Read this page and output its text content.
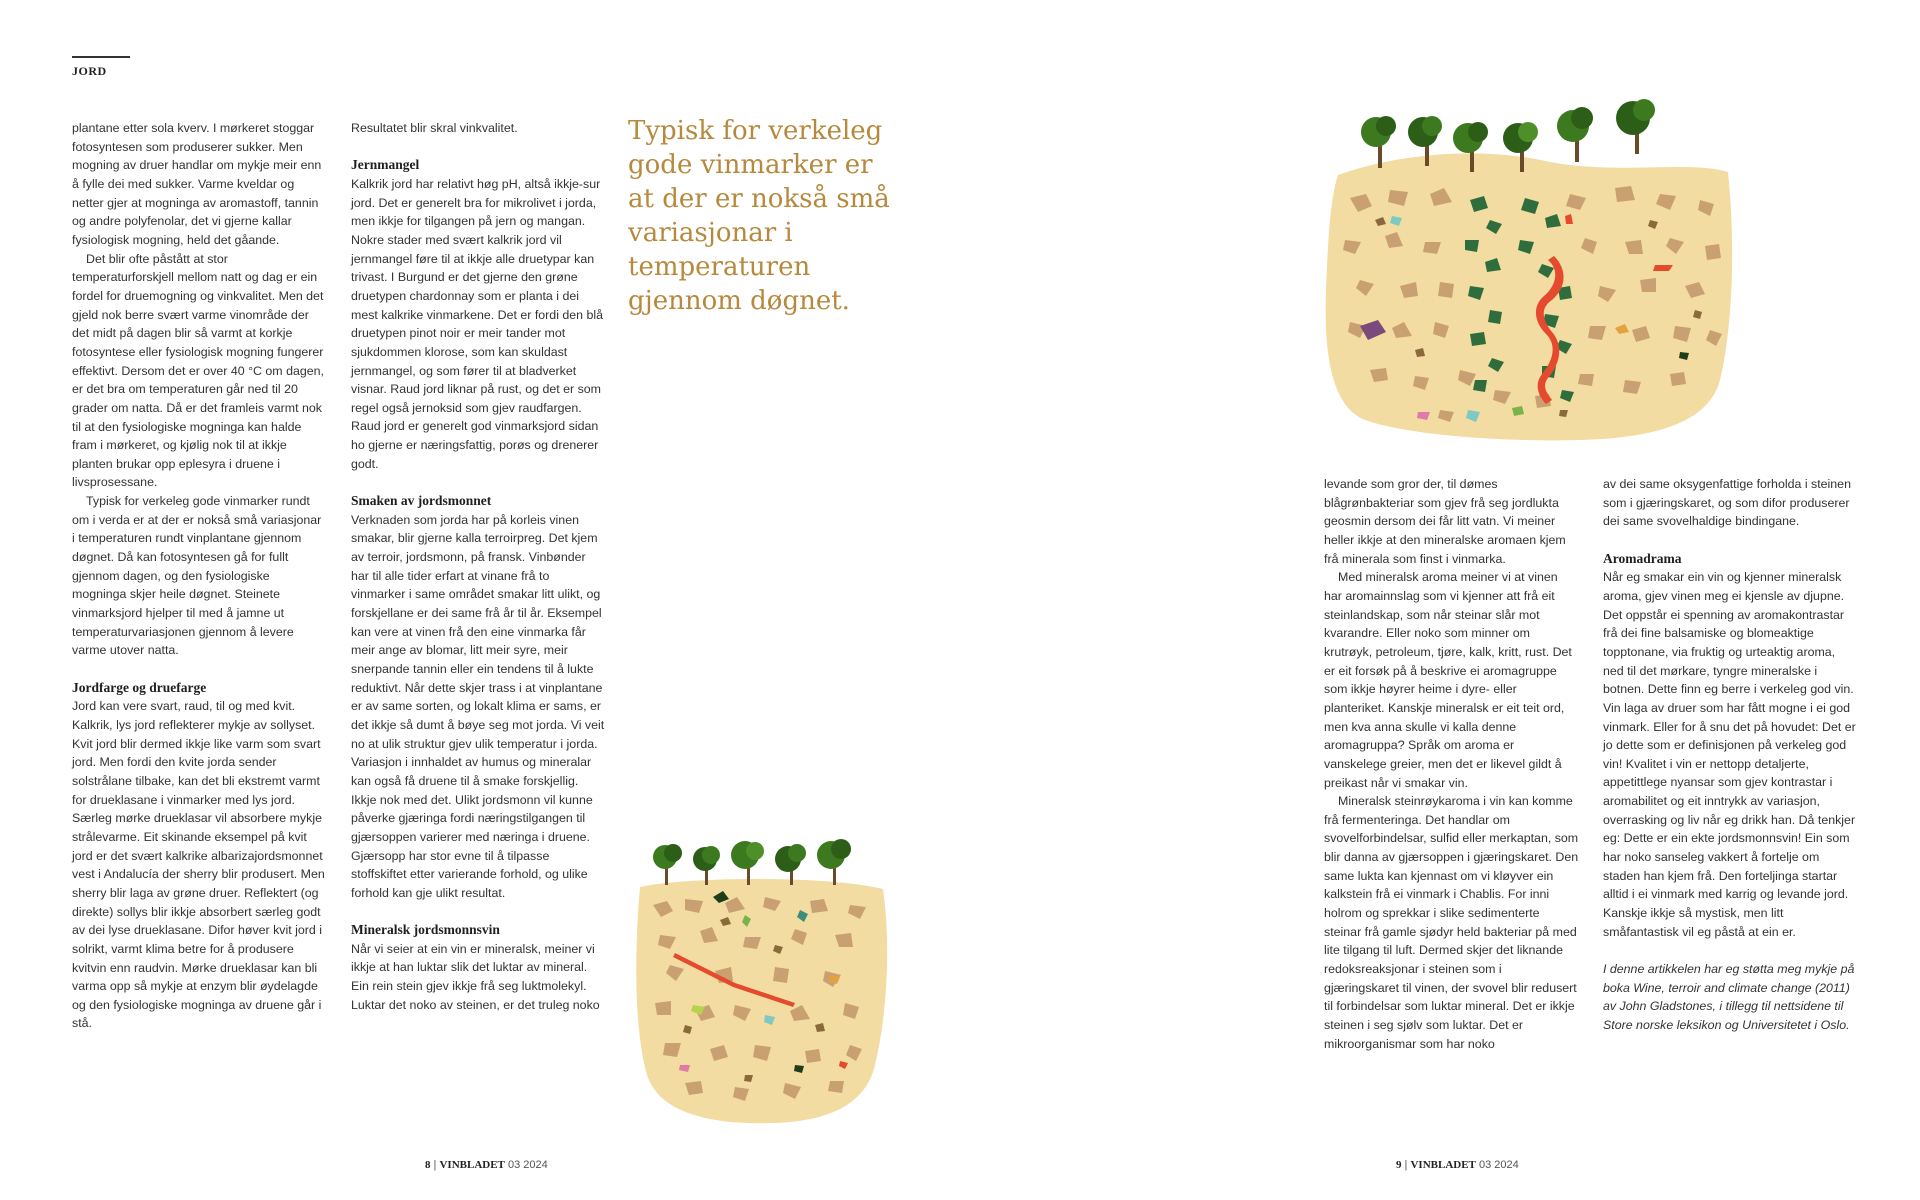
JORD

plantane etter sola kverv. I mørkeret stoggar fotosyntesen som produserer sukker. Men mogning av druer handlar om mykje meir enn å fylle dei med sukker. Varme kveldar og netter gjer at mogninga av aromastoff, tannin og andre polyfenolar, det vi gjerne kallar fysiologisk mogning, held det gåande.

Det blir ofte påstått at stor temperaturforskjell mellom natt og dag er ein fordel for druemogning og vinkvalitet. Men det gjeld nok berre svært varme vinområde der det midt på dagen blir så varmt at korkje fotosyntese eller fysiologisk mogning fungerer effektivt. Dersom det er over 40 °C om dagen, er det bra om temperaturen går ned til 20 grader om natta. Då er det framleis varmt nok til at den fysiologiske mogninga kan halde fram i mørkeret, og kjølig nok til at ikkje planten brukar opp eplesyra i druene i livsprosessane.

Typisk for verkeleg gode vinmarker rundt om i verda er at der er nokså små variasjonar i temperaturen rundt vinplantane gjennom døgnet. Då kan fotosyntesen gå for fullt gjennom dagen, og den fysiologiske mogninga skjer heile døgnet. Steinete vinmarksjord hjelper til med å jamne ut temperaturvariasjonen gjennom å levere varme utover natta.

Jordfarge og druefarge

Jord kan vere svart, raud, til og med kvit. Kalkrik, lys jord reflekterer mykje av sollyset. Kvit jord blir dermed ikkje like varm som svart jord. Men fordi den kvite jorda sender solstrålane tilbake, kan det bli ekstremt varmt for drueklasane i vinmarker med lys jord. Særleg mørke drueklasar vil absorbere mykje strålevarme. Eit skinande eksempel på kvit jord er det svært kalkrike albarizajordsmonnet vest i Andalucía der sherry blir produsert. Men sherry blir laga av grøne druer. Reflektert (og direkte) sollys blir ikkje absorbert særleg godt av dei lyse drueklasane. Difor høver kvit jord i solrikt, varmt klima betre for å produsere kvitvin enn raudvin. Mørke drueklasar kan bli varma opp så mykje at enzym blir øydelagde og den fysiologiske mogninga av druene går i stå.

Resultatet blir skral vinkvalitet.

Jernmangel

Kalkrik jord har relativt høg pH, altså ikkje-sur jord. Det er generelt bra for mikrolivet i jorda, men ikkje for tilgangen på jern og mangan. Nokre stader med svært kalkrik jord vil jernmangel føre til at ikkje alle druetypar kan trivast. I Burgund er det gjerne den grøne druetypen chardonnay som er planta i dei mest kalkrike vinmarkene. Det er fordi den blå druetypen pinot noir er meir tander mot sjukdommen klorose, som kan skuldast jernmangel, og som fører til at bladverket visnar. Raud jord liknar på rust, og det er som regel også jernoksid som gjev raudfargen. Raud jord er generelt god vinmarksjord sidan ho gjerne er næringsfattig, porøs og drenerer godt.

Smaken av jordsmonnet

Verknaden som jorda har på korleis vinen smakar, blir gjerne kalla terroirpreg. Det kjem av terroir, jordsmonn, på fransk. Vinbønder har til alle tider erfart at vinane frå to vinmarker i same området smakar litt ulikt, og forskjellane er dei same frå år til år. Eksempel kan vere at vinen frå den eine vinmarka får meir ange av blomar, litt meir syre, meir snerpande tannin eller ein tendens til å lukte reduktivt. Når dette skjer trass i at vinplantane er av same sorten, og lokalt klima er sams, er det ikkje så dumt å bøye seg mot jorda. Vi veit no at ulik struktur gjev ulik temperatur i jorda. Variasjon i innhaldet av humus og mineralar kan også få druene til å smake forskjellig. Ikkje nok med det. Ulikt jordsmonn vil kunne påverke gjæringa fordi næringstilgangen til gjærsoppen varierer med næringa i druene. Gjærsopp har stor evne til å tilpasse stoffskiftet etter varierande forhold, og ulike forhold kan gje ulikt resultat.

Mineralsk jordsmonnsvin

Når vi seier at ein vin er mineralsk, meiner vi ikkje at han luktar slik det luktar av mineral. Ein rein stein gjev ikkje frå seg luktmolekyl. Luktar det noko av steinen, er det truleg noko

Typisk for verkeleg gode vinmarker er at der er nokså små variasjonar i temperaturen gjennom døgnet.

levande som gror der, til dømes blågrønbakteriar som gjev frå seg jordlukta geosmin dersom dei får litt vatn. Vi meiner heller ikkje at den mineralske aromaen kjem frå minerala som finst i vinmarka.

Med mineralsk aroma meiner vi at vinen har aromainnslag som vi kjenner att frå eit steinlandskap, som når steinar slår mot kvarandre. Eller noko som minner om krutrøyk, petroleum, tjøre, kalk, kritt, rust. Det er eit forsøk på å beskrive ei aromagruppe som ikkje høyrer heime i dyre- eller planteriket. Kanskje mineralsk er eit teit ord, men kva anna skulle vi kalla denne aromagruppa? Språk om aroma er vanskelege greier, men det er likevel gildt å preikast når vi smakar vin.

Mineralsk steinrøykaroma i vin kan komme frå fermenteringa. Det handlar om svovelforbindelsar, sulfid eller merkaptan, som blir danna av gjærsoppen i gjæringskaret. Den same lukta kan kjennast om vi kløyver ein kalkstein frå ei vinmark i Chablis. For inni holrom og sprekkar i slike sedimenterte steinar frå gamle sjødyr held bakteriar på med lite tilgang til luft. Dermed skjer det liknande redoksreaksjonar i steinen som i gjæringskaret til vinen, der svovel blir redusert til forbindelsar som luktar mineral. Det er ikkje steinen i seg sjølv som luktar. Det er mikroorganismar som har noko

av dei same oksygenfattige forholda i steinen som i gjæringskaret, og som difor produserer dei same svovelhaldige bindingane.

Aromadrama

Når eg smakar ein vin og kjenner mineralsk aroma, gjev vinen meg ei kjensle av djupne. Det oppstår ei spenning av aromakontrastar frå dei fine balsamiske og blomeaktige topptonane, via fruktig og urteaktig aroma, ned til det mørkare, tyngre mineralske i botnen. Dette finn eg berre i verkeleg god vin. Vin laga av druer som har fått mogne i ei god vinmark. Eller for å snu det på hovudet: Det er jo dette som er definisjonen på verkeleg god vin! Kvalitet i vin er nettopp detaljerte, appetittlege nyansar som gjev kontrastar i aromabilitet og eit inntrykk av variasjon, overrasking og liv når eg drikk han. Då tenkjer eg: Dette er ein ekte jordsmonnsvin! Ein som har noko sanseleg vakkert å fortelje om staden han kjem frå. Den forteljinga startar alltid i ei vinmark med karrig og levande jord. Kanskje ikkje så mystisk, men litt småfantastisk vil eg påstå at ein er.

I denne artikkelen har eg støtta meg mykje på boka Wine, terroir and climate change (2011) av John Gladstones, i tillegg til nettsidene til Store norske leksikon og Universitetet i Oslo.

8 | VINBLADET 03 2024	9 | VINBLADET 03 2024
